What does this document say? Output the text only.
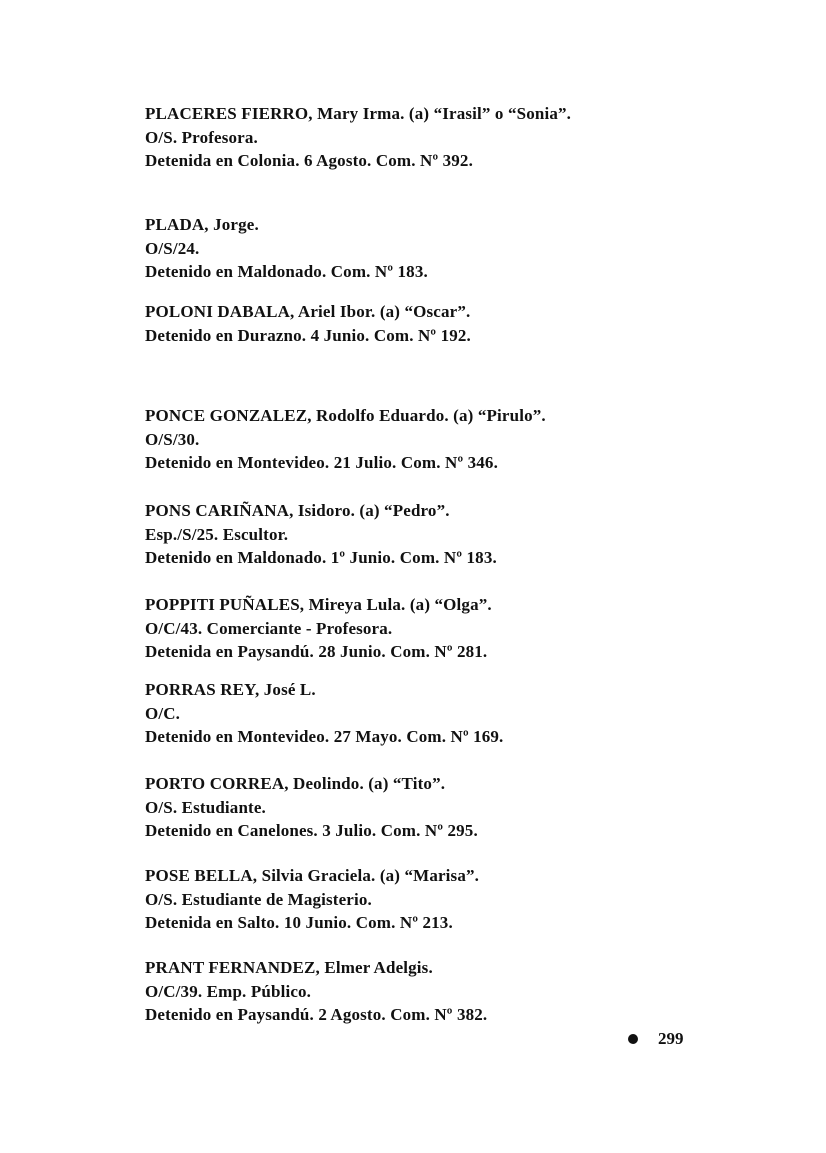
PLACERES FIERRO, Mary Irma. (a) “Irasil” o “Sonia”.
O/S. Profesora.
Detenida en Colonia. 6 Agosto. Com. Nº 392.
PLADA, Jorge.
O/S/24.
Detenido en Maldonado. Com. Nº 183.
POLONI DABALA, Ariel Ibor. (a) “Oscar”.
Detenido en Durazno. 4 Junio. Com. Nº 192.
PONCE GONZALEZ, Rodolfo Eduardo. (a) “Pirulo”.
O/S/30.
Detenido en Montevideo. 21 Julio. Com. Nº 346.
PONS CARIÑANA, Isidoro. (a) “Pedro”.
Esp./S/25. Escultor.
Detenido en Maldonado. 1º Junio. Com. Nº 183.
POPPITI PUÑALES, Mireya Lula. (a) “Olga”.
O/C/43. Comerciante - Profesora.
Detenida en Paysandú. 28 Junio. Com. Nº 281.
PORRAS REY, José L.
O/C.
Detenido en Montevideo. 27 Mayo. Com. Nº 169.
PORTO CORREA, Deolindo. (a) “Tito”.
O/S. Estudiante.
Detenido en Canelones. 3 Julio. Com. Nº 295.
POSE BELLA, Silvia Graciela. (a) “Marisa”.
O/S. Estudiante de Magisterio.
Detenida en Salto. 10 Junio. Com. Nº 213.
PRANT FERNANDEZ, Elmer Adelgis.
O/C/39. Emp. Público.
Detenido en Paysandú. 2 Agosto. Com. Nº 382.
299
